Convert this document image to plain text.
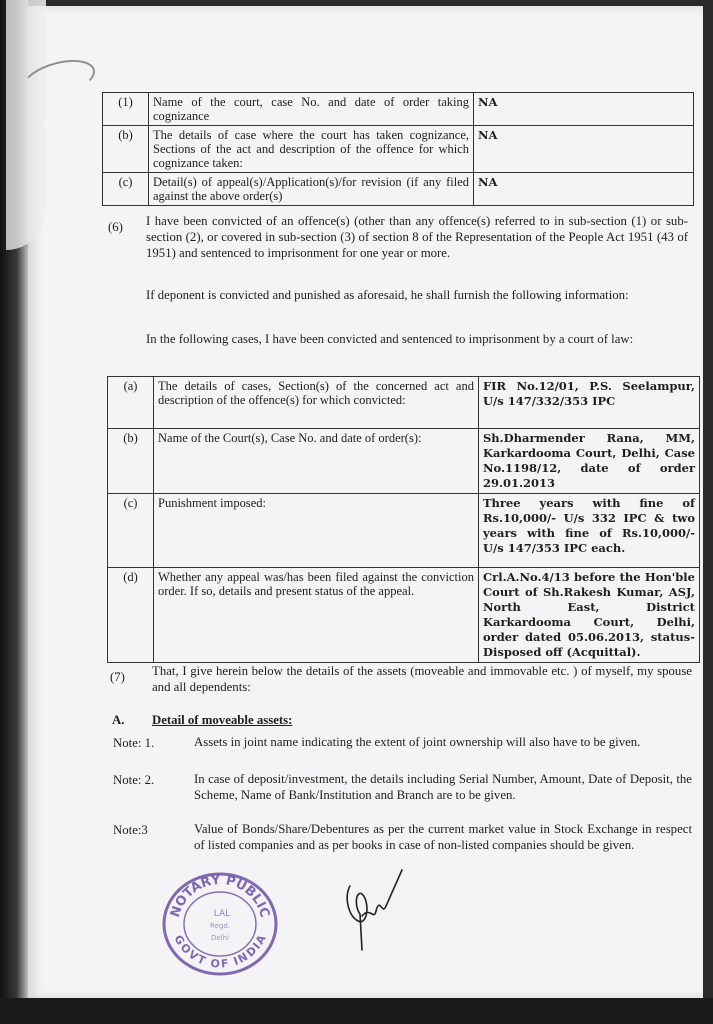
(1)	Name of the court, case No. and date of order taking cognizance	NA
(b)	The details of case where the court has taken cognizance, Sections of the act and description of the offence for which cognizance taken:	NA
(c)	Detail(s) of appeal(s)/Application(s)/for revision (if any filed against the above order(s)	NA
(6) I have been convicted of an offence(s) (other than any offence(s) referred to in sub-section (1) or sub-section (2), or covered in sub-section (3) of section 8 of the Representation of the People Act 1951 (43 of 1951) and sentenced to imprisonment for one year or more.
If deponent is convicted and punished as aforesaid, he shall furnish the following information:
In the following cases, I have been convicted and sentenced to imprisonment by a court of law:
(a)	The details of cases, Section(s) of the concerned act and description of the offence(s) for which convicted:	FIR No.12/01, P.S. Seelampur, U/s 147/332/353 IPC
(b)	Name of the Court(s), Case No. and date of order(s):	Sh.Dharmender Rana, MM, Karkardooma Court, Delhi, Case No.1198/12, date of order 29.01.2013
(c)	Punishment imposed:	Three years with fine of Rs.10,000/- U/s 332 IPC & two years with fine of Rs.10,000/- U/s 147/353 IPC each.
(d)	Whether any appeal was/has been filed against the conviction order. If so, details and present status of the appeal.	Crl.A.No.4/13 before the Hon'ble Court of Sh.Rakesh Kumar, ASJ, North East, District Karkardooma Court, Delhi, order dated 05.06.2013, status-Disposed off (Acquittal).
(7) That, I give herein below the details of the assets (moveable and immovable etc. ) of myself, my spouse and all dependents:
A. Detail of moveable assets:
Note: 1.	Assets in joint name indicating the extent of joint ownership will also have to be given.
Note: 2.	In case of deposit/investment, the details including Serial Number, Amount, Date of Deposit, the Scheme, Name of Bank/Institution and Branch are to be given.
Note:3	Value of Bonds/Share/Debentures as per the current market value in Stock Exchange in respect of listed companies and as per books in case of non-listed companies should be given.
NOTARY PUBLIC
GOVT OF INDIA
LAL
Regd.
Delhi
